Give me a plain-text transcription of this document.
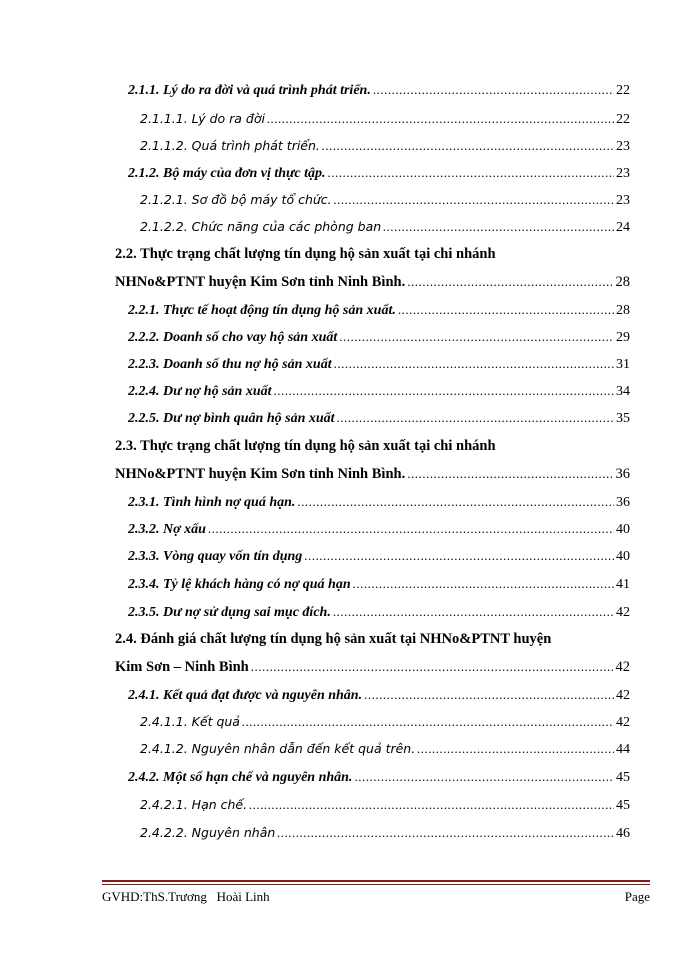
2.1.1. Lý do ra đời và quá trình phát triển. .....	22
2.1.1.1. Lý do ra đời .....	22
2.1.1.2. Quá trình phát triển. .....	23
2.1.2. Bộ máy của đơn vị thực tập. .....	23
2.1.2.1. Sơ đồ bộ máy tổ chức. .....	23
2.1.2.2. Chức năng của các phòng ban .....	24
2.2. Thực trạng chất lượng tín dụng hộ sản xuất tại chi nhánh
NHNo&PTNT huyện Kim Sơn tỉnh Ninh Bình. .....	28
2.2.1. Thực tế hoạt động tín dụng hộ sản xuất. .....	28
2.2.2. Doanh số cho vay hộ sản xuất .....	29
2.2.3. Doanh số thu nợ hộ sản xuất .....	31
2.2.4. Dư nợ hộ sản xuất .....	34
2.2.5. Dư nợ bình quân hộ sản xuất .....	35
2.3. Thực trạng chất lượng tín dụng hộ sản xuất tại chi nhánh
NHNo&PTNT huyện Kim Sơn tỉnh Ninh Bình. .....	36
2.3.1. Tình hình nợ quá hạn. .....	36
2.3.2. Nợ xấu .....	40
2.3.3. Vòng quay vốn tín dụng .....	40
2.3.4. Tỷ lệ khách hàng có nợ quá hạn .....	41
2.3.5. Dư nợ sử dụng sai mục đích. .....	42
2.4. Đánh giá chất lượng tín dụng hộ sản xuất tại NHNo&PTNT huyện
Kim Sơn – Ninh Bình .....	42
2.4.1. Kết quả đạt được và nguyên nhân. .....	42
2.4.1.1. Kết quả .....	42
2.4.1.2. Nguyên nhân dẫn đến kết quả trên. .....	44
2.4.2. Một số hạn chế và nguyên nhân. .....	45
2.4.2.1. Hạn chế. .....	45
2.4.2.2. Nguyên nhân .....	46
GVHD:ThS.Trương   Hoài Linh	Page
